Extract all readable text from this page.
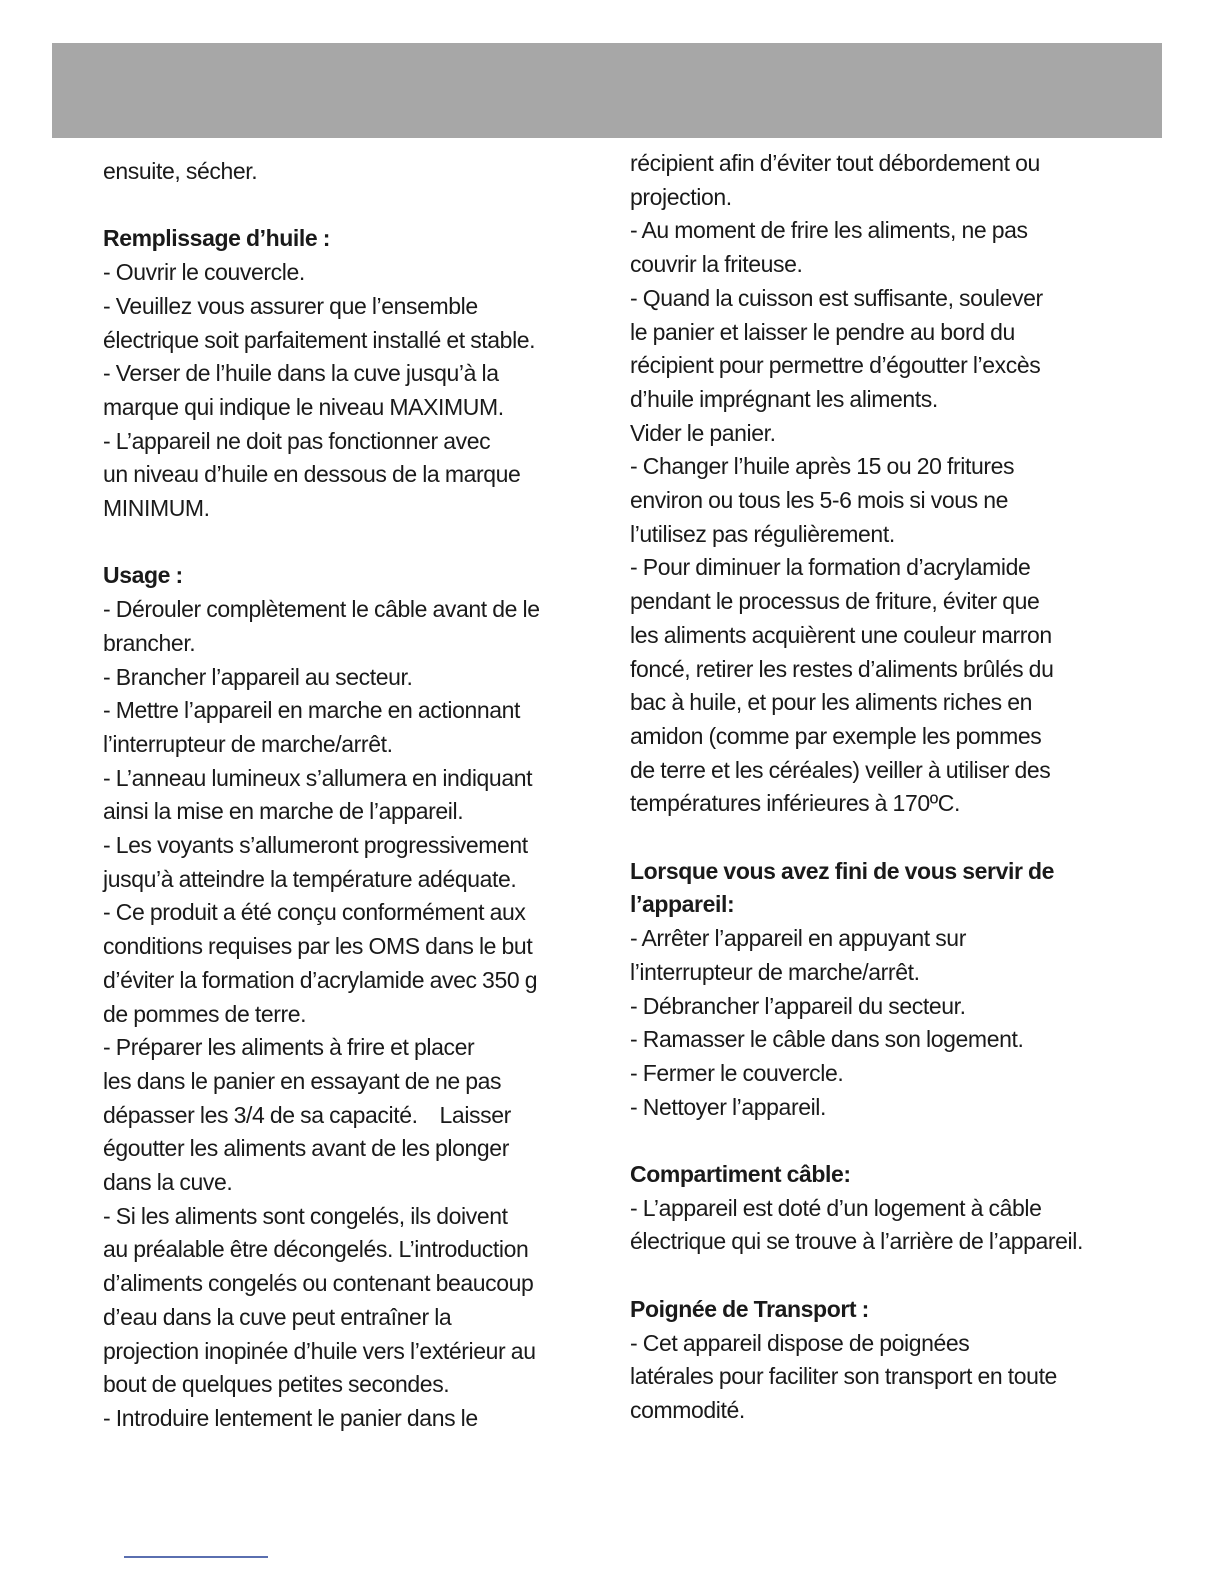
ensuite, sécher.
Remplissage d’huile :
- Ouvrir le couvercle.
- Veuillez vous assurer que l’ensemble
électrique soit parfaitement installé et stable.
- Verser de l’huile dans la cuve jusqu’à la
marque qui indique le niveau MAXIMUM.
- L’appareil ne doit pas fonctionner avec
un niveau d’huile en dessous de la marque
MINIMUM.
Usage :
- Dérouler complètement le câble avant de le
brancher.
- Brancher l’appareil au secteur.
- Mettre l’appareil en marche en actionnant
l’interrupteur de marche/arrêt.
- L’anneau lumineux s’allumera en indiquant
ainsi la mise en marche de l’appareil.
- Les voyants s’allumeront progressivement
jusqu’à atteindre la température adéquate.
- Ce produit a été conçu conformément aux
conditions requises par les OMS dans le but
d’éviter la formation d’acrylamide avec 350 g
de pommes de terre.
- Préparer les aliments à frire et placer
les dans le panier en essayant de ne pas
dépasser les 3/4 de sa capacité.    Laisser
égoutter les aliments avant de les plonger
dans la cuve.
- Si les aliments sont congelés, ils doivent
au préalable être décongelés. L’introduction
d’aliments congelés ou contenant beaucoup
d’eau dans la cuve peut entraîner la
projection inopinée d’huile vers l’extérieur au
bout de quelques petites secondes.
- Introduire lentement le panier dans le
récipient afin d’éviter tout débordement ou
projection.
- Au moment de frire les aliments, ne pas
couvrir la friteuse.
- Quand la cuisson est suffisante, soulever
le panier et laisser le pendre au bord du
récipient pour permettre d’égoutter l’excès
d’huile imprégnant les aliments.
Vider le panier.
- Changer l’huile après 15 ou 20 fritures
environ ou tous les 5-6 mois si vous ne
l’utilisez pas régulièrement.
- Pour diminuer la formation d’acrylamide
pendant le processus de friture, éviter que
les aliments acquièrent une couleur marron
foncé, retirer les restes d’aliments brûlés du
bac à huile, et pour les aliments riches en
amidon (comme par exemple les pommes
de terre et les céréales) veiller à utiliser des
températures inférieures à 170ºC.
Lorsque vous avez fini de vous servir de
l’appareil:
- Arrêter l’appareil en appuyant sur
l’interrupteur de marche/arrêt.
- Débrancher l’appareil du secteur.
- Ramasser le câble dans son logement.
- Fermer le couvercle.
- Nettoyer l’appareil.
Compartiment câble:
- L’appareil est doté d’un logement à câble
électrique qui se trouve à l’arrière de l’appareil.
Poignée de Transport :
- Cet appareil dispose de poignées
latérales pour faciliter son transport en toute
commodité.
